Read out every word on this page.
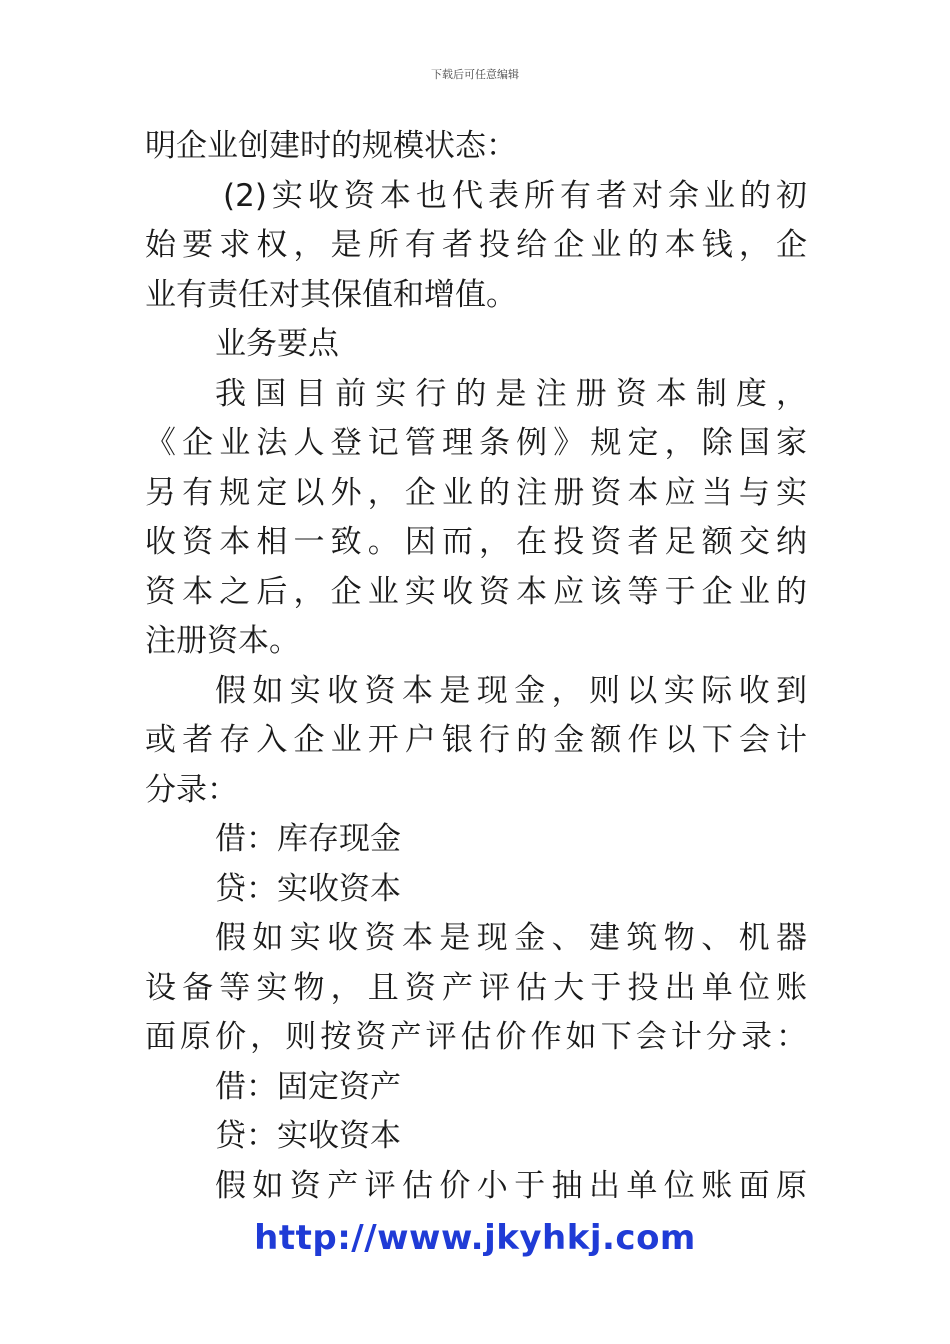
下载后可任意编辑
明企业创建时的规模状态：
(2)实收资本也代表所有者对余业的初
始要求权，是所有者投给企业的本钱，企
业有责任对其保值和增值。
业务要点
我国目前实行的是注册资本制度，
《企业法人登记管理条例》规定，除国家
另有规定以外，企业的注册资本应当与实
收资本相一致。因而，在投资者足额交纳
资本之后，企业实收资本应该等于企业的
注册资本。
假如实收资本是现金，则以实际收到
或者存入企业开户银行的金额作以下会计
分录：
借：库存现金
贷：实收资本
假如实收资本是现金、建筑物、机器
设备等实物，且资产评估大于投出单位账
面原价，则按资产评估价作如下会计分录：
借：固定资产
贷：实收资本
假如资产评估价小于抽出单位账面原
http://www.jkyhkj.com
